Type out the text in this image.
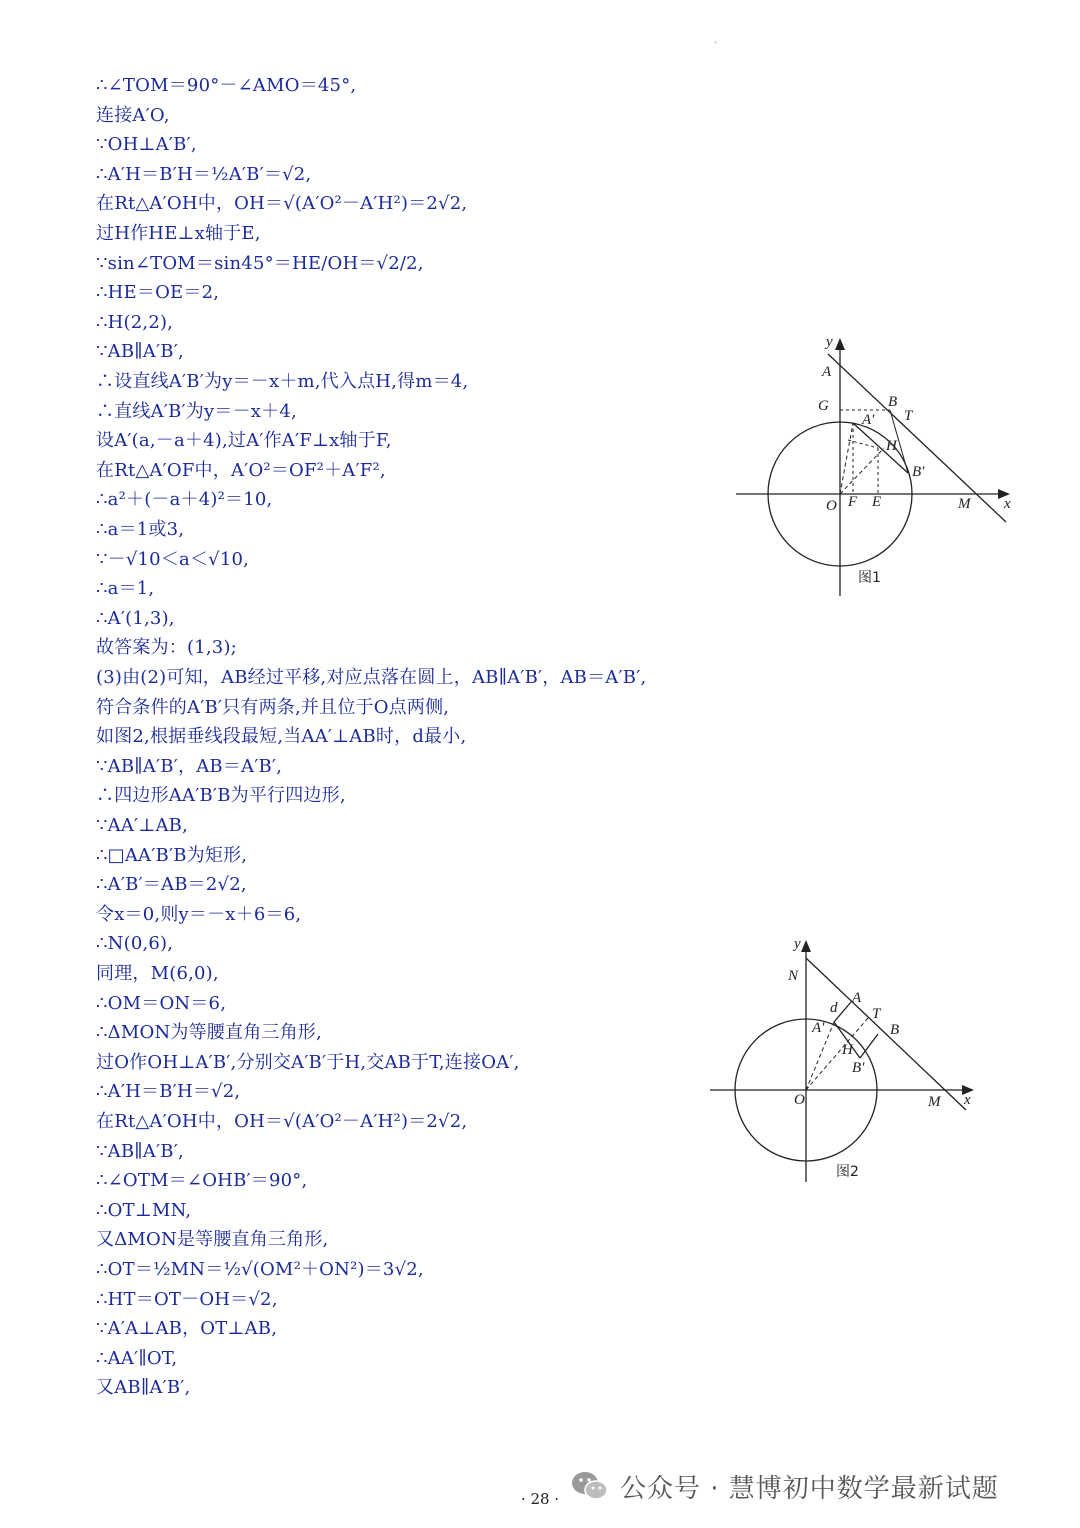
·
∴∠TOM＝90°－∠AMO＝45°,
连接A′O,
∵OH⊥A′B′,
∴A′H＝B′H＝½A′B′＝√2,
在Rt△A′OH中，OH＝√(A′O²－A′H²)＝2√2,
过H作HE⊥x轴于E,
∵sin∠TOM＝sin45°＝HE/OH＝√2/2,
∴HE＝OE＝2,
∴H(2,2),
∵AB∥A′B′,
∴设直线A′B′为y＝－x＋m,代入点H,得m＝4,
∴直线A′B′为y＝－x＋4,
设A′(a,－a＋4),过A′作A′F⊥x轴于F,
在Rt△A′OF中，A′O²＝OF²＋A′F²,
∴a²＋(－a＋4)²＝10,
∴a＝1或3,
∵－√10＜a＜√10,
∴a＝1,
∴A′(1,3),
故答案为：(1,3);
(3)由(2)可知，AB经过平移,对应点落在圆上，AB∥A′B′，AB＝A′B′,
符合条件的A′B′只有两条,并且位于O点两侧,
如图2,根据垂线段最短,当AA′⊥AB时，d最小,
∵AB∥A′B′，AB＝A′B′,
∴四边形AA′B′B为平行四边形,
∵AA′⊥AB,
∴□AA′B′B为矩形,
∴A′B′＝AB＝2√2,
令x＝0,则y＝－x＋6＝6,
∴N(0,6),
同理，M(6,0),
∴OM＝ON＝6,
∴ΔMON为等腰直角三角形,
过O作OH⊥A′B′,分别交A′B′于H,交AB于T,连接OA′,
∴A′H＝B′H＝√2,
在Rt△A′OH中，OH＝√(A′O²－A′H²)＝2√2,
∵AB∥A′B′,
∴∠OTM＝∠OHB′＝90°,
∴OT⊥MN,
又ΔMON是等腰直角三角形,
∴OT＝½MN＝½√(OM²＋ON²)＝3√2,
∴HT＝OT－OH＝√2,
∵A′A⊥AB，OT⊥AB,
∴AA′∥OT,
又AB∥A′B′,
y
A
B
G
T
A′
H
B′
O F E	M x
图1
y
N
A
d T
A′	B
H
B′
O	M x
图2
· 28 ·	公众号 · 慧博初中数学最新试题
